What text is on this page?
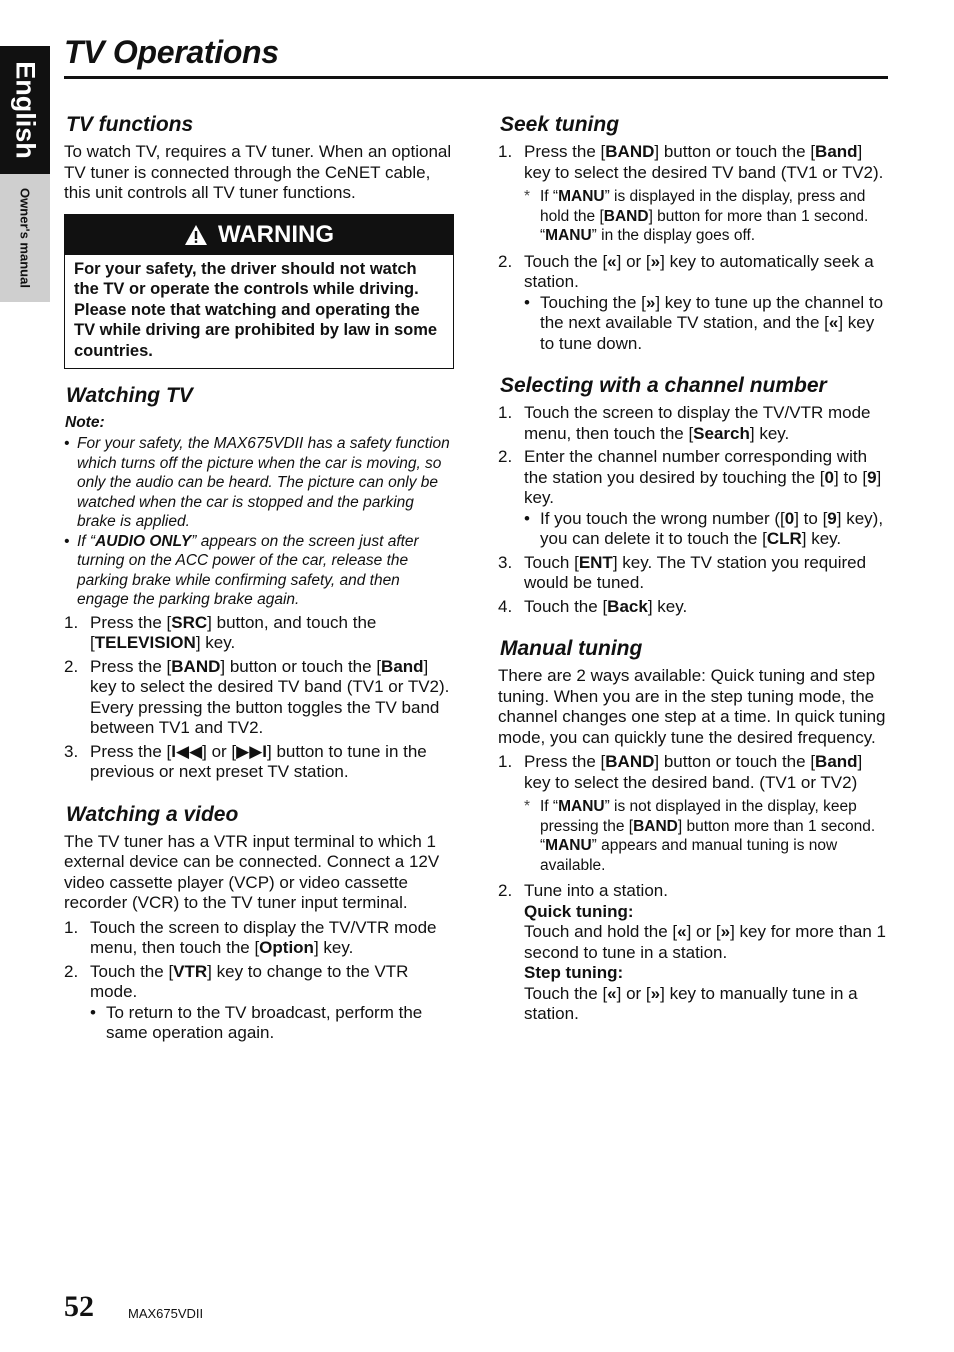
English
Owner's manual
TV Operations
TV functions

To watch TV, requires a TV tuner. When an optional TV tuner is connected through the CeNET cable, this unit controls all TV tuner functions.

WARNING
For your safety, the driver should not watch the TV or operate the controls while driving. Please note that watching and operating the TV while driving are prohibited by law in some countries.
Watching TV
Note:
• For your safety, the MAX675VDII has a safety function which turns off the picture when the car is moving, so only the audio can be heard. The picture can only be watched when the car is stopped and the parking brake is applied.
• If “AUDIO ONLY” appears on the screen just after turning on the ACC power of the car, release the parking brake while confirming safety, and then engage the parking brake again.
1. Press the [SRC] button, and touch the [TELEVISION] key.
2. Press the [BAND] button or touch the [Band] key to select the desired TV band (TV1 or TV2).
Every pressing the button toggles the TV band between TV1 and TV2.
3. Press the [I◀◀] or [▶▶I] button to tune in the previous or next preset TV station.
Watching a video

The TV tuner has a VTR input terminal to which 1 external device can be connected. Connect a 12V video cassette player (VCP) or video cassette recorder (VCR) to the TV tuner input terminal.

1. Touch the screen to display the TV/VTR mode menu, then touch the [Option] key.
2. Touch the [VTR] key to change to the VTR mode.
• To return to the TV broadcast, perform the same operation again.
Seek tuning
1. Press the [BAND] button or touch the [Band] key to select the desired TV band (TV1 or TV2).
* If “MANU” is displayed in the display, press and hold the [BAND] button for more than 1 second. “MANU” in the display goes off.
2. Touch the [«] or [»] key to automatically seek a station.
• Touching the [»] key to tune up the channel to the next available TV station, and the [«] key to tune down.
Selecting with a channel number
1. Touch the screen to display the TV/VTR mode menu, then touch the [Search] key.
2. Enter the channel number corresponding with the station you desired by touching the [0] to [9] key.
• If you touch the wrong number ([0] to [9] key), you can delete it to touch the [CLR] key.
3. Touch [ENT] key. The TV station you required would be tuned.
4. Touch the [Back] key.
Manual tuning

There are 2 ways available: Quick tuning and step tuning. When you are in the step tuning mode, the channel changes one step at a time. In quick tuning mode, you can quickly tune the desired frequency.

1. Press the [BAND] button or touch the [Band] key to select the desired band. (TV1 or TV2)
* If “MANU” is not displayed in the display, keep pressing the [BAND] button more than 1 second. “MANU” appears and manual tuning is now available.
2. Tune into a station.
Quick tuning:
Touch and hold the [«] or [»] key for more than 1 second to tune in a station.
Step tuning:
Touch the [«] or [»] key to manually tune in a station.
52	MAX675VDII
